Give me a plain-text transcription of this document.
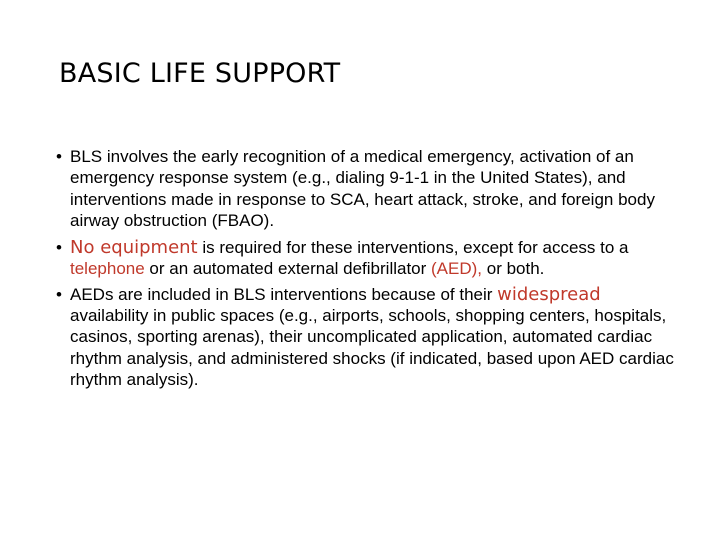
BASIC LIFE SUPPORT

• BLS involves the early recognition of a medical emergency, activation of an emergency response system (e.g., dialing 9-1-1 in the United States), and interventions made in response to SCA, heart attack, stroke, and foreign body airway obstruction (FBAO).

• No equipment is required for these interventions, except for access to a telephone or an automated external defibrillator (AED), or both.

• AEDs are included in BLS interventions because of their widespread availability in public spaces (e.g., airports, schools, shopping centers, hospitals, casinos, sporting arenas), their uncomplicated application, automated cardiac rhythm analysis, and administered shocks (if indicated, based upon AED cardiac rhythm analysis).
